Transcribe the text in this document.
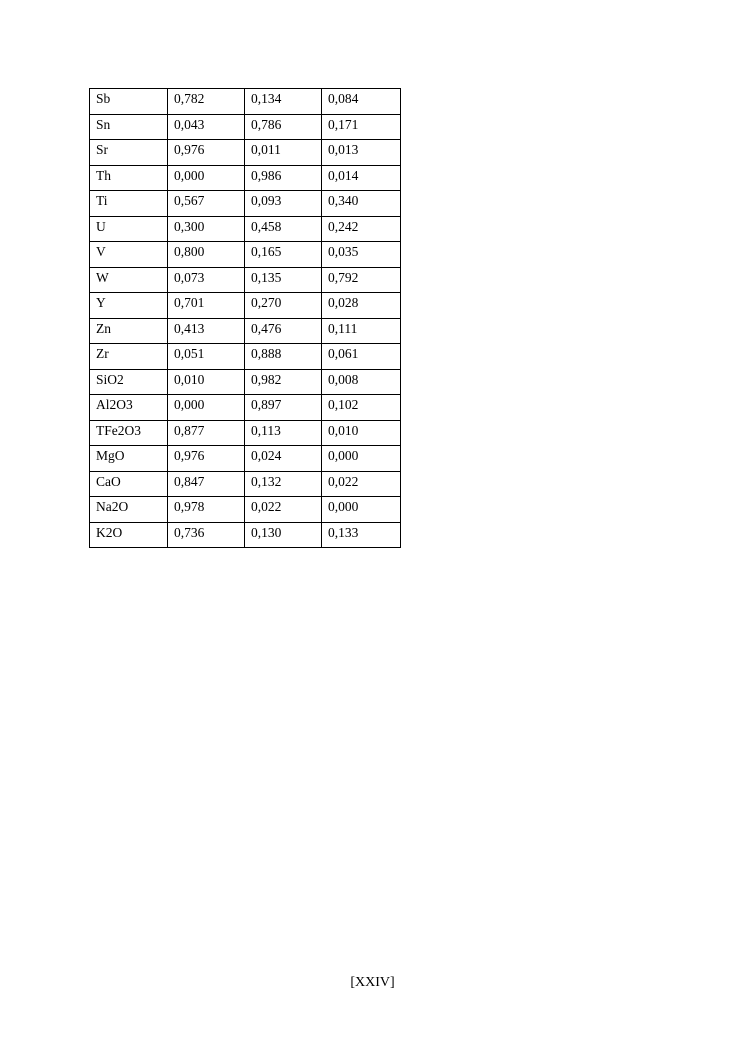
Sb	0,782	0,134	0,084
Sn	0,043	0,786	0,171
Sr	0,976	0,011	0,013
Th	0,000	0,986	0,014
Ti	0,567	0,093	0,340
U	0,300	0,458	0,242
V	0,800	0,165	0,035
W	0,073	0,135	0,792
Y	0,701	0,270	0,028
Zn	0,413	0,476	0,111
Zr	0,051	0,888	0,061
SiO2	0,010	0,982	0,008
Al2O3	0,000	0,897	0,102
TFe2O3	0,877	0,113	0,010
MgO	0,976	0,024	0,000
CaO	0,847	0,132	0,022
Na2O	0,978	0,022	0,000
K2O	0,736	0,130	0,133
[XXIV]
